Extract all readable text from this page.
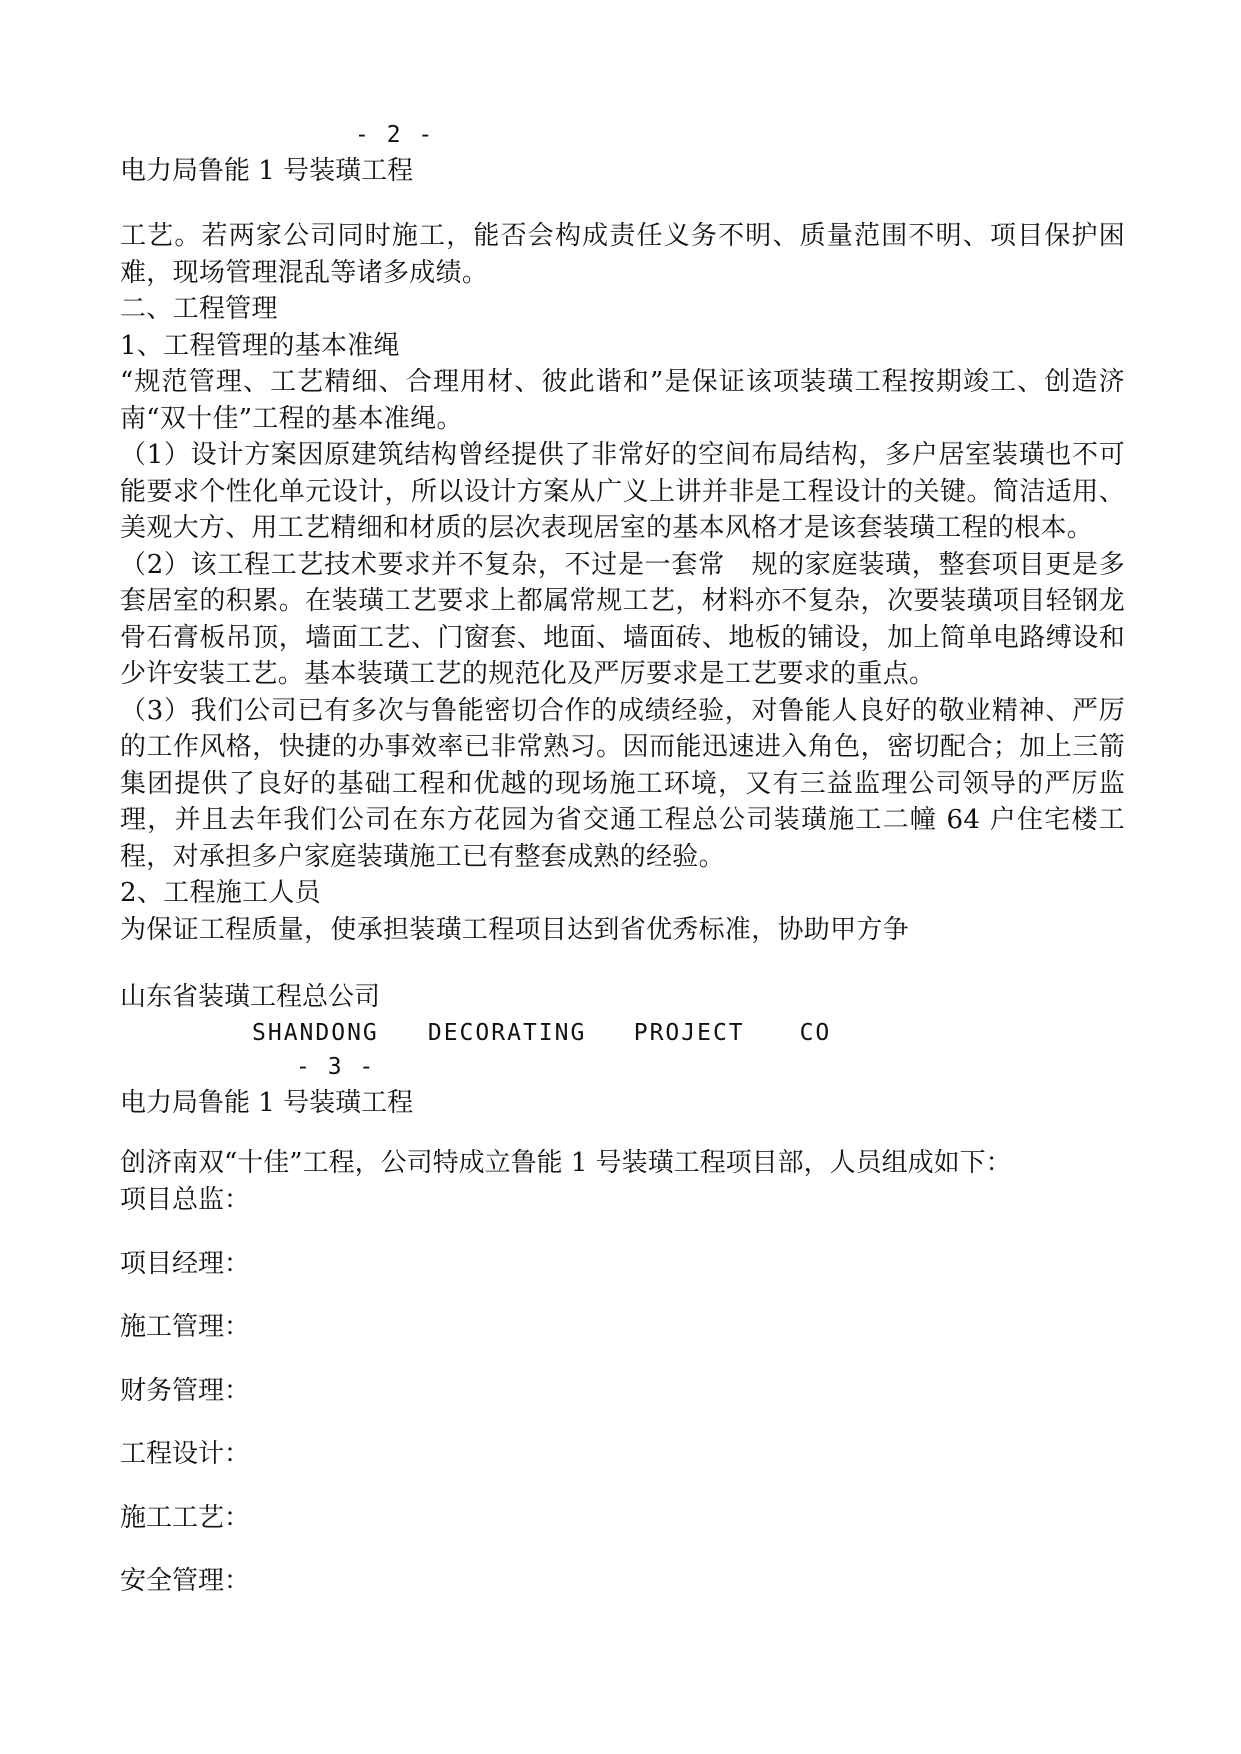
- 2 -
电力局鲁能 1 号装璜工程
工艺。若两家公司同时施工，能否会构成责任义务不明、质量范围不明、项目保护困难，现场管理混乱等诸多成绩。
二、工程管理
1、工程管理的基本准绳
“规范管理、工艺精细、合理用材、彼此谐和”是保证该项装璜工程按期竣工、创造济南“双十佳”工程的基本准绳。
（1）设计方案因原建筑结构曾经提供了非常好的空间布局结构，多户居室装璜也不可能要求个性化单元设计，所以设计方案从广义上讲并非是工程设计的关键。简洁适用、美观大方、用工艺精细和材质的层次表现居室的基本风格才是该套装璜工程的根本。
（2）该工程工艺技术要求并不复杂，不过是一套常　规的家庭装璜，整套项目更是多套居室的积累。在装璜工艺要求上都属常规工艺，材料亦不复杂，次要装璜项目轻钢龙骨石膏板吊顶，墙面工艺、门窗套、地面、墙面砖、地板的铺设，加上简单电路缚设和少许安装工艺。基本装璜工艺的规范化及严厉要求是工艺要求的重点。
（3）我们公司已有多次与鲁能密切合作的成绩经验，对鲁能人良好的敬业精神、严厉的工作风格，快捷的办事效率已非常熟习。因而能迅速进入角色，密切配合；加上三箭集团提供了良好的基础工程和优越的现场施工环境，又有三益监理公司领导的严厉监理，并且去年我们公司在东方花园为省交通工程总公司装璜施工二幢 64 户住宅楼工程，对承担多户家庭装璜施工已有整套成熟的经验。
2、工程施工人员
为保证工程质量，使承担装璜工程项目达到省优秀标准，协助甲方争
山东省装璜工程总公司
SHANDONG DECORATING PROJECT CO
- 3 -
电力局鲁能 1 号装璜工程
创济南双“十佳”工程，公司特成立鲁能 1 号装璜工程项目部，人员组成如下：
项目总监：
项目经理：
施工管理：
财务管理：
工程设计：
施工工艺：
安全管理：
